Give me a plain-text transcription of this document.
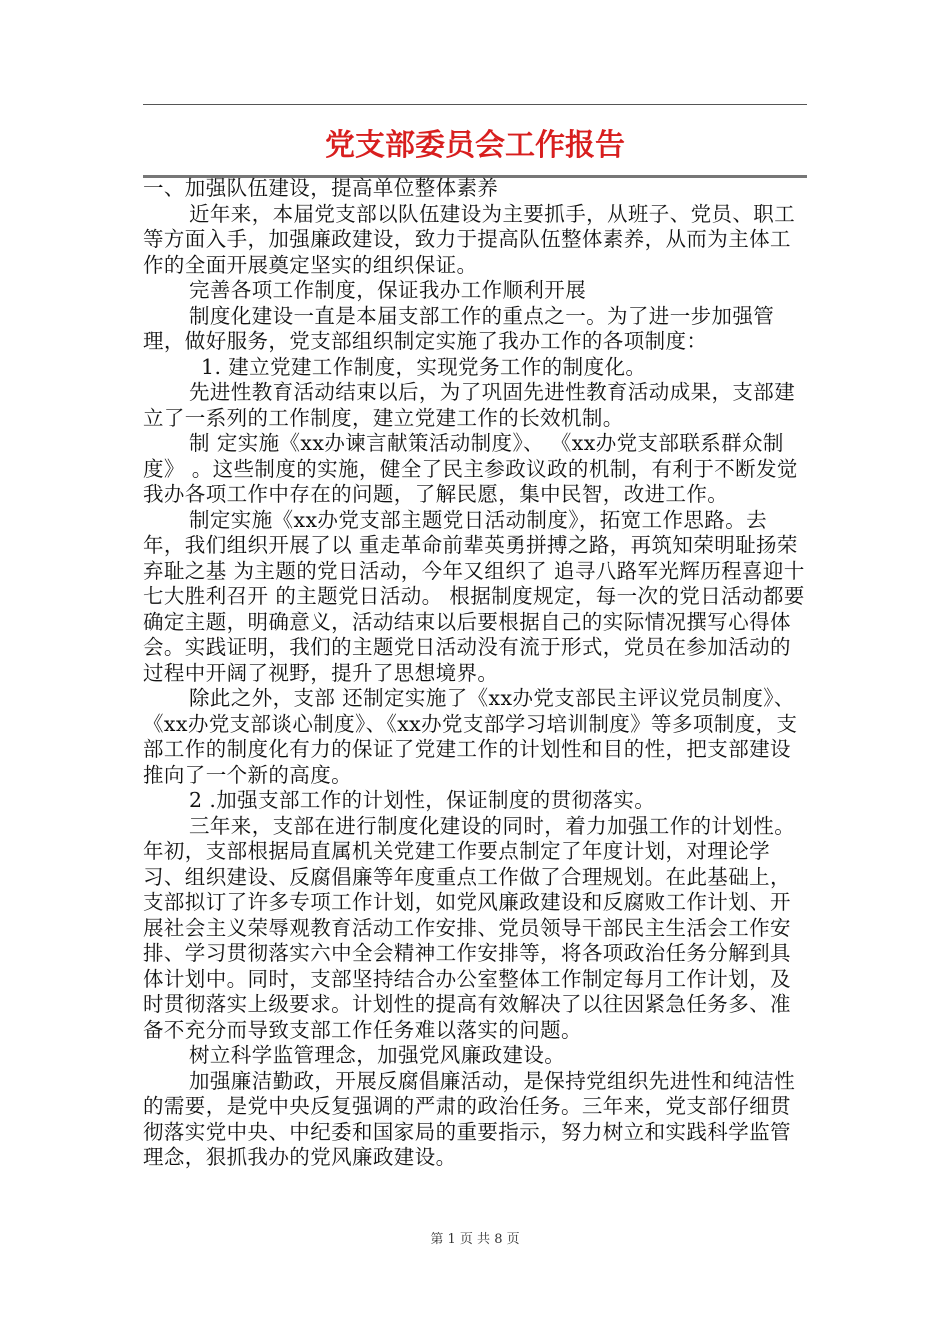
党支部委员会工作报告

一、加强队伍建设，提高单位整体素养

近年来，本届党支部以队伍建设为主要抓手，从班子、党员、职工等方面入手，加强廉政建设，致力于提高队伍整体素养，从而为主体工作的全面开展奠定坚实的组织保证。

完善各项工作制度，保证我办工作顺利开展

制度化建设一直是本届支部工作的重点之一。为了进一步加强管理，做好服务，党支部组织制定实施了我办工作的各项制度：

1. 建立党建工作制度，实现党务工作的制度化。

先进性教育活动结束以后，为了巩固先进性教育活动成果，支部建立了一系列的工作制度，建立党建工作的长效机制。

制 定实施《xx办谏言献策活动制度》、 《xx办党支部联系群众制度》 。这些制度的实施，健全了民主参政议政的机制，有利于不断发觉我办各项工作中存在的问题，了解民愿，集中民智，改进工作。

制定实施《xx办党支部主题党日活动制度》，拓宽工作思路。去年，我们组织开展了以 重走革命前辈英勇拼搏之路，再筑知荣明耻扬荣弃耻之基 为主题的党日活动，今年又组织了 追寻八路军光辉历程喜迎十七大胜利召开 的主题党日活动。 根据制度规定，每一次的党日活动都要确定主题，明确意义，活动结束以后要根据自己的实际情况撰写心得体会。实践证明，我们的主题党日活动没有流于形式，党员在参加活动的过程中开阔了视野，提升了思想境界。

除此之外，支部 还制定实施了《xx办党支部民主评议党员制度》、 《xx办党支部谈心制度》、《xx办党支部学习培训制度》等多项制度，支部工作的制度化有力的保证了党建工作的计划性和目的性，把支部建设推向了一个新的高度。

2 .加强支部工作的计划性，保证制度的贯彻落实。

三年来，支部在进行制度化建设的同时，着力加强工作的计划性。年初，支部根据局直属机关党建工作要点制定了年度计划，对理论学习、组织建设、反腐倡廉等年度重点工作做了合理规划。在此基础上，支部拟订了许多专项工作计划，如党风廉政建设和反腐败工作计划、开展社会主义荣辱观教育活动工作安排、党员领导干部民主生活会工作安排、学习贯彻落实六中全会精神工作安排等，将各项政治任务分解到具体计划中。同时，支部坚持结合办公室整体工作制定每月工作计划，及时贯彻落实上级要求。计划性的提高有效解决了以往因紧急任务多、准备不充分而导致支部工作任务难以落实的问题。

树立科学监管理念，加强党风廉政建设。

加强廉洁勤政，开展反腐倡廉活动，是保持党组织先进性和纯洁性的需要，是党中央反复强调的严肃的政治任务。三年来，党支部仔细贯彻落实党中央、中纪委和国家局的重要指示，努力树立和实践科学监管理念，狠抓我办的党风廉政建设。

第 1 页 共 8 页
